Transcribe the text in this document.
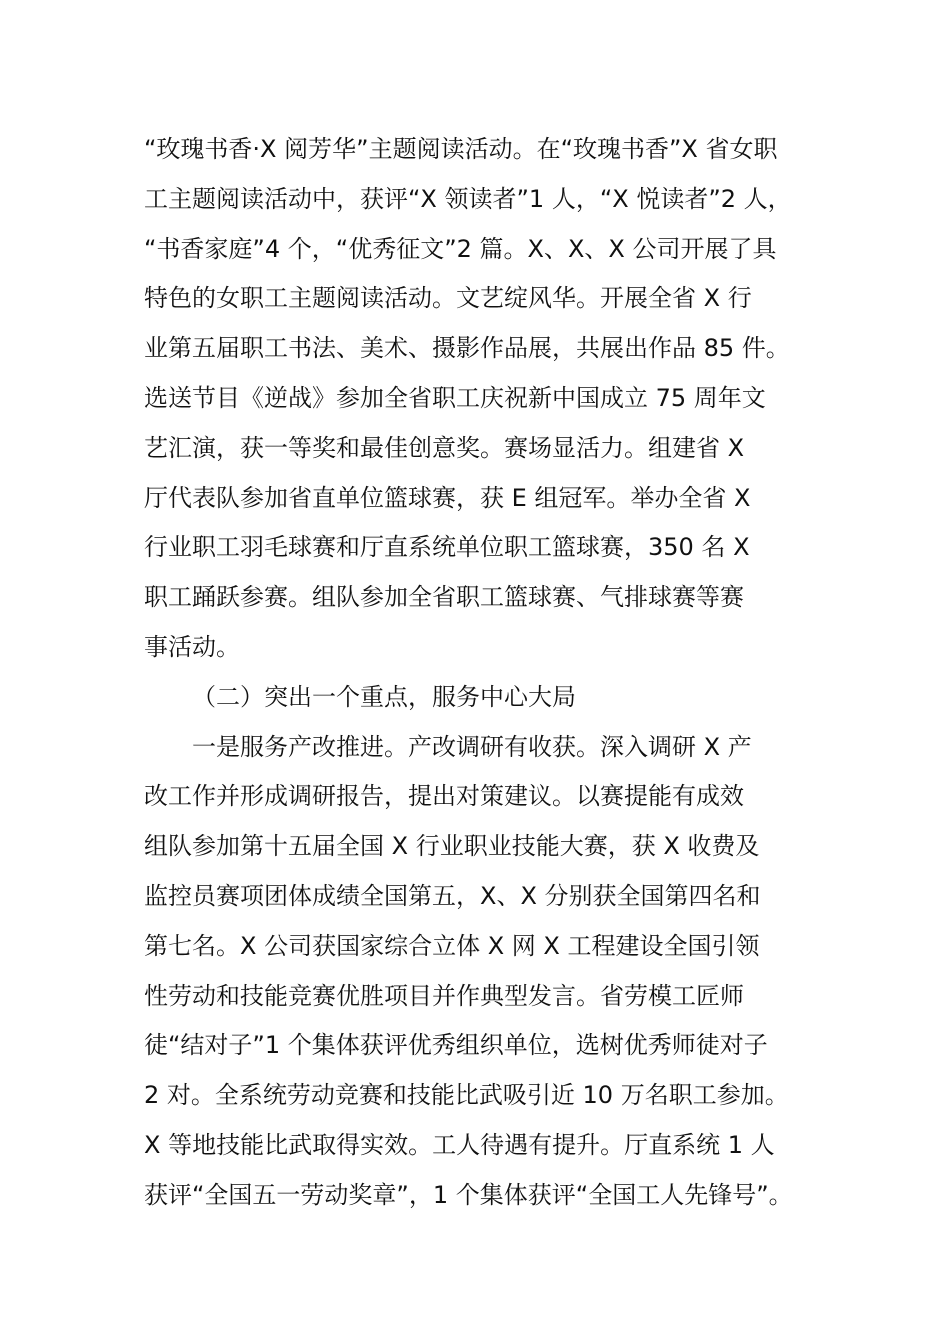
“玫瑰书香·X 阅芳华”主题阅读活动。在“玫瑰书香”X 省女职
工主题阅读活动中，获评“X 领读者”1 人，“X 悦读者”2 人，
“书香家庭”4 个，“优秀征文”2 篇。X、X、X 公司开展了具
特色的女职工主题阅读活动。文艺绽风华。开展全省 X 行
业第五届职工书法、美术、摄影作品展，共展出作品 85 件。
选送节目《逆战》参加全省职工庆祝新中国成立 75 周年文
艺汇演，获一等奖和最佳创意奖。赛场显活力。组建省 X
厅代表队参加省直单位篮球赛，获 E 组冠军。举办全省 X
行业职工羽毛球赛和厅直系统单位职工篮球赛，350 名 X
职工踊跃参赛。组队参加全省职工篮球赛、气排球赛等赛
事活动。
（二）突出一个重点，服务中心大局
一是服务产改推进。产改调研有收获。深入调研 X 产
改工作并形成调研报告，提出对策建议。以赛提能有成效
组队参加第十五届全国 X 行业职业技能大赛，获 X 收费及
监控员赛项团体成绩全国第五，X、X 分别获全国第四名和
第七名。X 公司获国家综合立体 X 网 X 工程建设全国引领
性劳动和技能竞赛优胜项目并作典型发言。省劳模工匠师
徒“结对子”1 个集体获评优秀组织单位，选树优秀师徒对子
2 对。全系统劳动竞赛和技能比武吸引近 10 万名职工参加。
X 等地技能比武取得实效。工人待遇有提升。厅直系统 1 人
获评“全国五一劳动奖章”，1 个集体获评“全国工人先锋号”。
